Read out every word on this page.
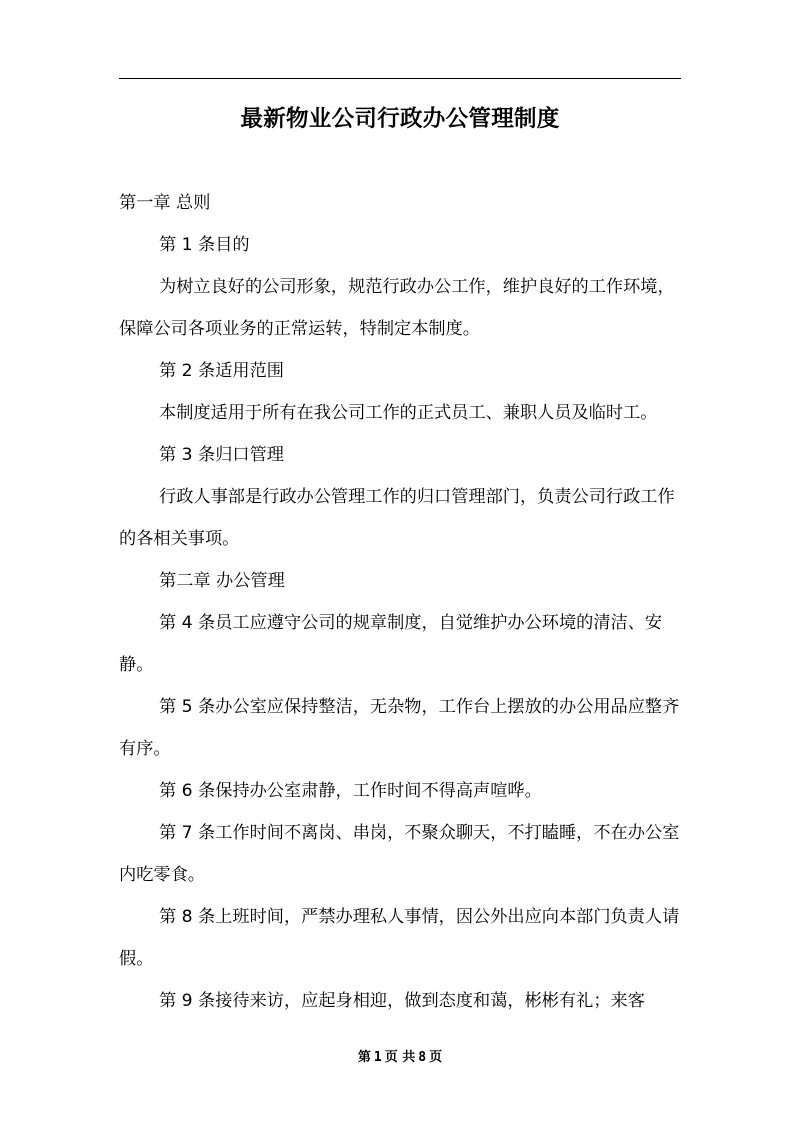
最新物业公司行政办公管理制度

第一章 总则

第 1 条目的

为树立良好的公司形象，规范行政办公工作，维护良好的工作环境，保障公司各项业务的正常运转，特制定本制度。

第 2 条适用范围

本制度适用于所有在我公司工作的正式员工、兼职人员及临时工。

第 3 条归口管理

行政人事部是行政办公管理工作的归口管理部门，负责公司行政工作的各相关事项。

第二章 办公管理

第 4 条员工应遵守公司的规章制度，自觉维护办公环境的清洁、安静。

第 5 条办公室应保持整洁，无杂物，工作台上摆放的办公用品应整齐有序。

第 6 条保持办公室肃静，工作时间不得高声喧哗。

第 7 条工作时间不离岗、串岗，不聚众聊天，不打瞌睡，不在办公室内吃零食。

第 8 条上班时间，严禁办理私人事情，因公外出应向本部门负责人请假。

第 9 条接待来访，应起身相迎，做到态度和蔼，彬彬有礼；来客

第 1 页 共 8 页
